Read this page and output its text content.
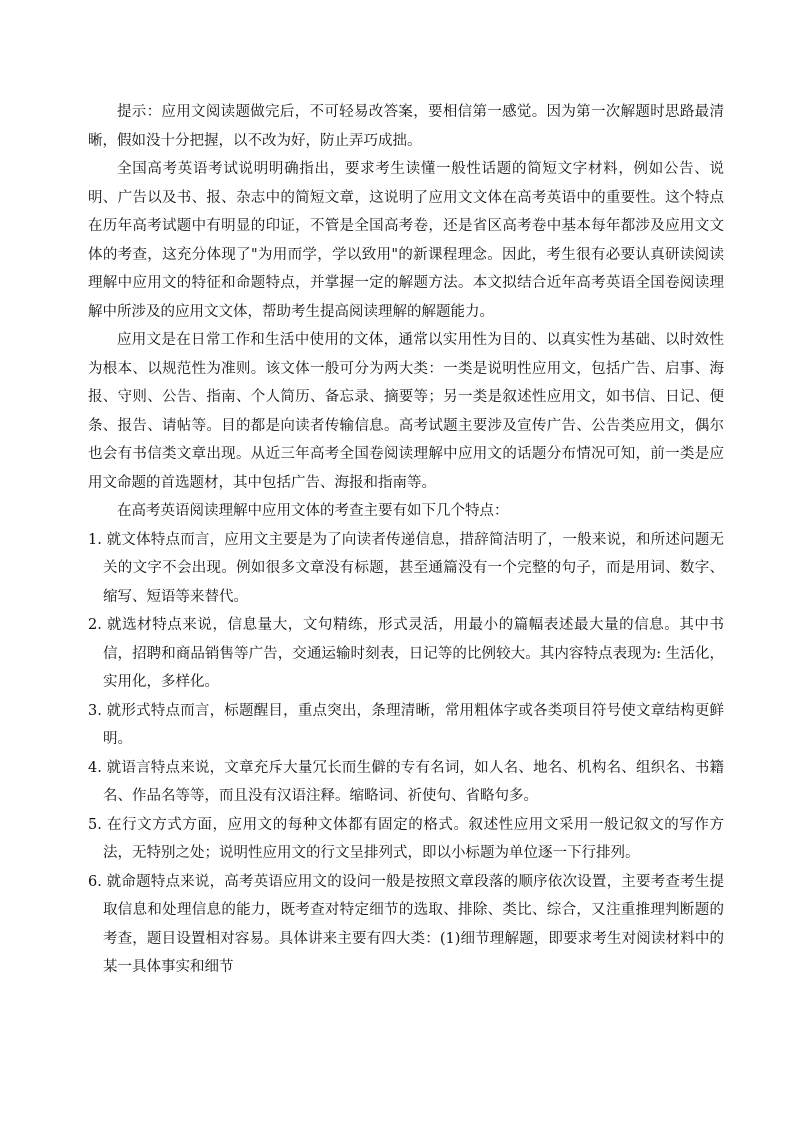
提示：应用文阅读题做完后，不可轻易改答案，要相信第一感觉。因为第一次解题时思路最清晰，假如没十分把握，以不改为好，防止弄巧成拙。

全国高考英语考试说明明确指出，要求考生读懂一般性话题的简短文字材料，例如公告、说明、广告以及书、报、杂志中的简短文章，这说明了应用文文体在高考英语中的重要性。这个特点在历年高考试题中有明显的印证，不管是全国高考卷，还是省区高考卷中基本每年都涉及应用文文体的考查，这充分体现了"为用而学，学以致用"的新课程理念。因此，考生很有必要认真研读阅读理解中应用文的特征和命题特点，并掌握一定的解题方法。本文拟结合近年高考英语全国卷阅读理解中所涉及的应用文文体，帮助考生提高阅读理解的解题能力。

应用文是在日常工作和生活中使用的文体，通常以实用性为目的、以真实性为基础、以时效性为根本、以规范性为准则。该文体一般可分为两大类：一类是说明性应用文，包括广告、启事、海报、守则、公告、指南、个人简历、备忘录、摘要等；另一类是叙述性应用文，如书信、日记、便条、报告、请帖等。目的都是向读者传输信息。高考试题主要涉及宣传广告、公告类应用文，偶尔也会有书信类文章出现。从近三年高考全国卷阅读理解中应用文的话题分布情况可知，前一类是应用文命题的首选题材，其中包括广告、海报和指南等。

在高考英语阅读理解中应用文体的考查主要有如下几个特点：

1. 就文体特点而言，应用文主要是为了向读者传递信息，措辞简洁明了，一般来说，和所述问题无关的文字不会出现。例如很多文章没有标题，甚至通篇没有一个完整的句子，而是用词、数字、缩写、短语等来替代。
2. 就选材特点来说，信息量大，文句精练，形式灵活，用最小的篇幅表述最大量的信息。其中书信，招聘和商品销售等广告，交通运输时刻表，日记等的比例较大。其内容特点表现为: 生活化，实用化，多样化。
3. 就形式特点而言，标题醒目，重点突出，条理清晰，常用粗体字或各类项目符号使文章结构更鲜明。
4. 就语言特点来说，文章充斥大量冗长而生僻的专有名词，如人名、地名、机构名、组织名、书籍名、作品名等等，而且没有汉语注释。缩略词、祈使句、省略句多。
5. 在行文方式方面，应用文的每种文体都有固定的格式。叙述性应用文采用一般记叙文的写作方法，无特别之处；说明性应用文的行文呈排列式，即以小标题为单位逐一下行排列。
6. 就命题特点来说，高考英语应用文的设问一般是按照文章段落的顺序依次设置，主要考查考生提取信息和处理信息的能力，既考查对特定细节的选取、排除、类比、综合，又注重推理判断题的考查，题目设置相对容易。具体讲来主要有四大类：(1)细节理解题，即要求考生对阅读材料中的某一具体事实和细节
